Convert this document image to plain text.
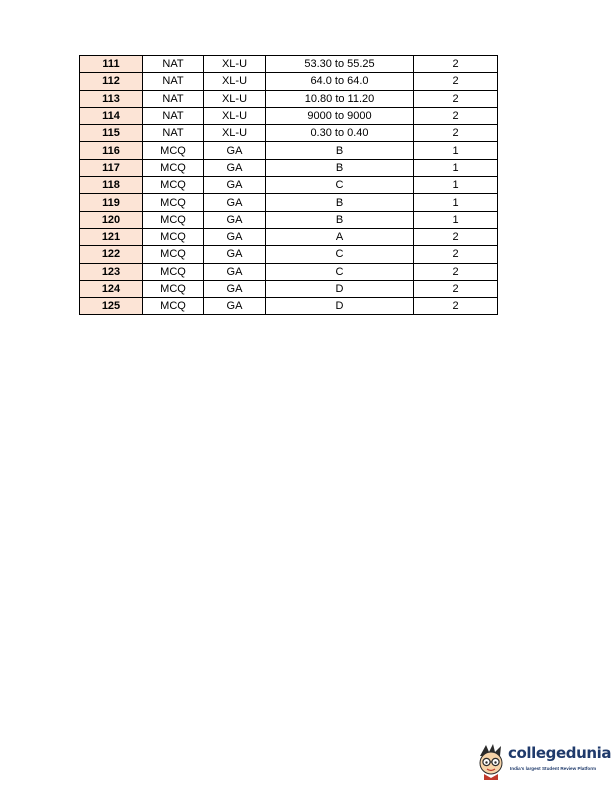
111	NAT	XL-U	53.30 to 55.25	2
112	NAT	XL-U	64.0 to 64.0	2
113	NAT	XL-U	10.80 to 11.20	2
114	NAT	XL-U	9000 to 9000	2
115	NAT	XL-U	0.30 to 0.40	2
116	MCQ	GA	B	1
117	MCQ	GA	B	1
118	MCQ	GA	C	1
119	MCQ	GA	B	1
120	MCQ	GA	B	1
121	MCQ	GA	A	2
122	MCQ	GA	C	2
123	MCQ	GA	C	2
124	MCQ	GA	D	2
125	MCQ	GA	D	2
collegedunia
India's largest Student Review Platform
